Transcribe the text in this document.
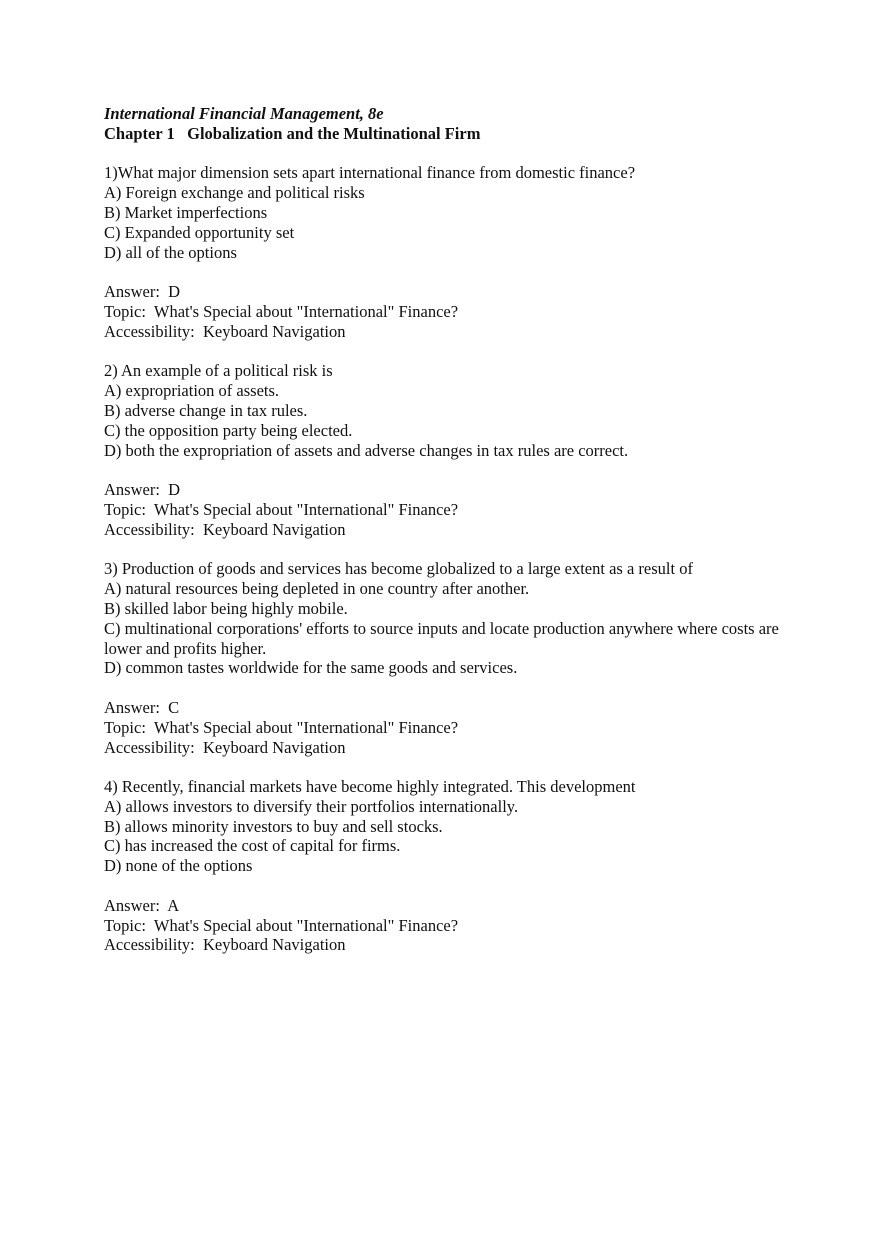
International Financial Management, 8e
Chapter 1   Globalization and the Multinational Firm
1)What major dimension sets apart international finance from domestic finance?
A) Foreign exchange and political risks
B) Market imperfections
C) Expanded opportunity set
D) all of the options
Answer:  D
Topic:  What's Special about "International" Finance?
Accessibility:  Keyboard Navigation
2) An example of a political risk is
A) expropriation of assets.
B) adverse change in tax rules.
C) the opposition party being elected.
D) both the expropriation of assets and adverse changes in tax rules are correct.
Answer:  D
Topic:  What's Special about "International" Finance?
Accessibility:  Keyboard Navigation
3) Production of goods and services has become globalized to a large extent as a result of
A) natural resources being depleted in one country after another.
B) skilled labor being highly mobile.
C) multinational corporations' efforts to source inputs and locate production anywhere where costs are lower and profits higher.
D) common tastes worldwide for the same goods and services.
Answer:  C
Topic:  What's Special about "International" Finance?
Accessibility:  Keyboard Navigation
4) Recently, financial markets have become highly integrated. This development
A) allows investors to diversify their portfolios internationally.
B) allows minority investors to buy and sell stocks.
C) has increased the cost of capital for firms.
D) none of the options
Answer:  A
Topic:  What's Special about "International" Finance?
Accessibility:  Keyboard Navigation
